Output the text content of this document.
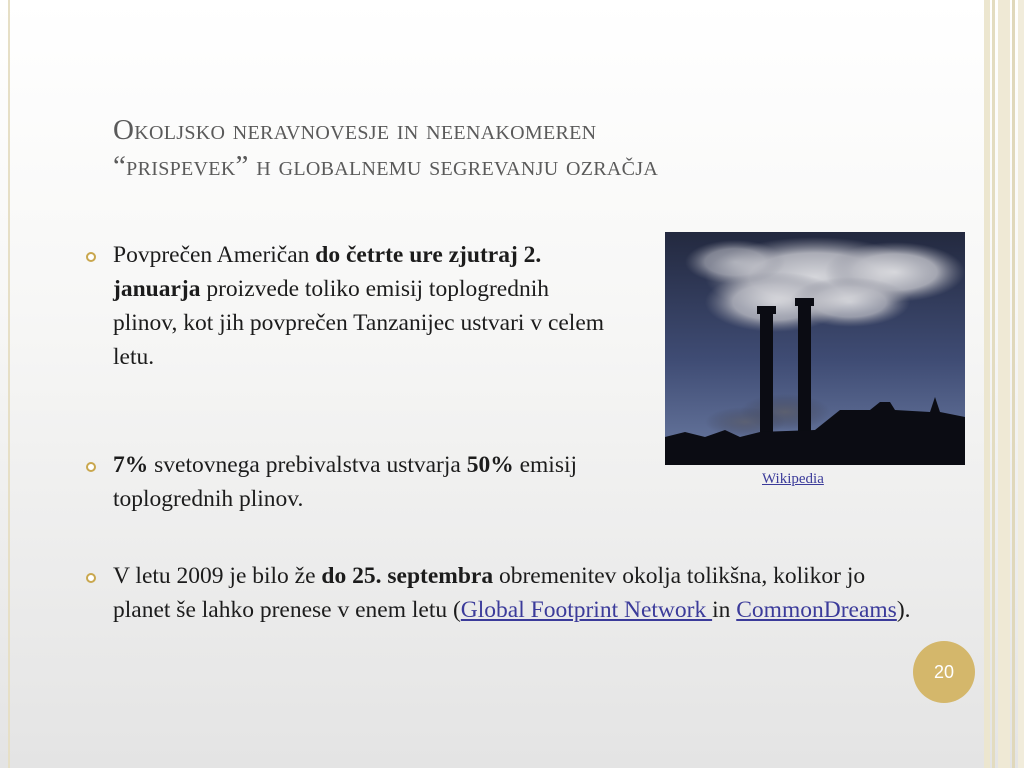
Okoljsko neravnovesje in neenakomeren
“prispevek” h globalnemu segrevanju ozračja
Povprečen Američan do četrte ure zjutraj 2. januarja proizvede toliko emisij toplogrednih plinov, kot jih povprečen Tanzanijec ustvari v celem letu.
7% svetovnega prebivalstva ustvarja 50% emisij toplogrednih plinov.
V letu 2009 je bilo že do 25. septembra obremenitev okolja tolikšna, kolikor jo planet še lahko prenese v enem letu (Global Footprint Network in CommonDreams).
Wikipedia
20
